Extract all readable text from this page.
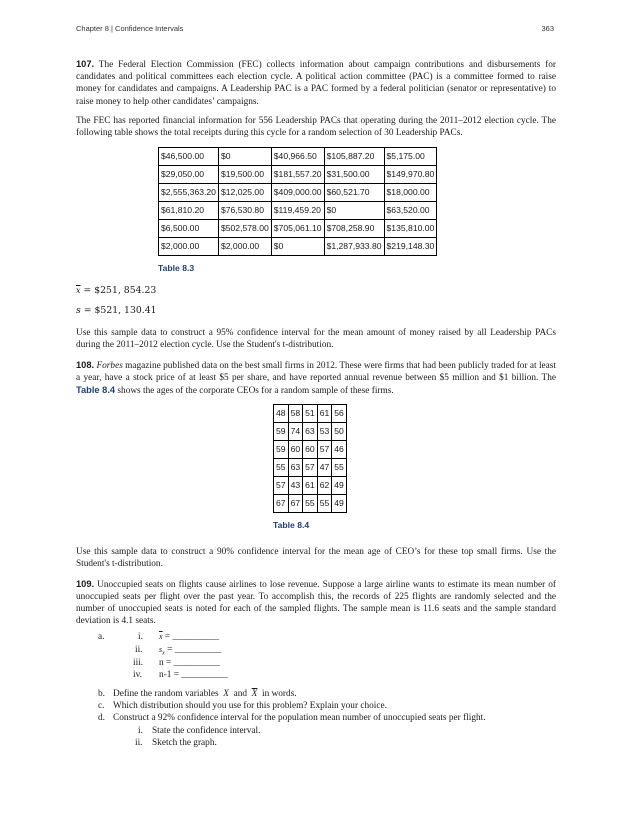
Chapter 8 | Confidence Intervals	363

107. The Federal Election Commission (FEC) collects information about campaign contributions and disbursements for candidates and political committees each election cycle. A political action committee (PAC) is a committee formed to raise money for candidates and campaigns. A Leadership PAC is a PAC formed by a federal politician (senator or representative) to raise money to help other candidates’ campaigns.

The FEC has reported financial information for 556 Leadership PACs that operating during the 2011–2012 election cycle. The following table shows the total receipts during this cycle for a random selection of 30 Leadership PACs.

$46,500.00	$0	$40,966.50	$105,887.20	$5,175.00
$29,050.00	$19,500.00	$181,557.20	$31,500.00	$149,970.80
$2,555,363.20	$12,025.00	$409,000.00	$60,521.70	$18,000.00
$61,810.20	$76,530.80	$119,459.20	$0	$63,520.00
$6,500.00	$502,578.00	$705,061.10	$708,258.90	$135,810.00
$2,000.00	$2,000.00	$0	$1,287,933.80	$219,148.30
Table 8.3
$\overline{x}$ = $251, 854.23
s = $521, 130.41

Use this sample data to construct a 95% confidence interval for the mean amount of money raised by all Leadership PACs during the 2011–2012 election cycle. Use the Student's t-distribution.

108. Forbes magazine published data on the best small firms in 2012. These were firms that had been publicly traded for at least a year, have a stock price of at least $5 per share, and have reported annual revenue between $5 million and $1 billion. The Table 8.4 shows the ages of the corporate CEOs for a random sample of these firms.

48	58	51	61	56
59	74	63	53	50
59	60	60	57	46
55	63	57	47	55
57	43	61	62	49
67	67	55	55	49
Table 8.4

Use this sample data to construct a 90% confidence interval for the mean age of CEO’s for these top small firms. Use the Student's t-distribution.

109. Unoccupied seats on flights cause airlines to lose revenue. Suppose a large airline wants to estimate its mean number of unoccupied seats per flight over the past year. To accomplish this, the records of 225 flights are randomly selected and the number of unoccupied seats is noted for each of the sampled flights. The sample mean is 11.6 seats and the sample standard deviation is 4.1 seats.

a.	i. $\overline{x}$ = __________
ii. $s_x$ = __________
iii. n = __________
iv. n-1 = __________
b. Define the random variables X  and  $\overline{X}$ in words.
c. Which distribution should you use for this problem? Explain your choice.
d. Construct a 92% confidence interval for the population mean number of unoccupied seats per flight.
i. State the confidence interval.
ii. Sketch the graph.
